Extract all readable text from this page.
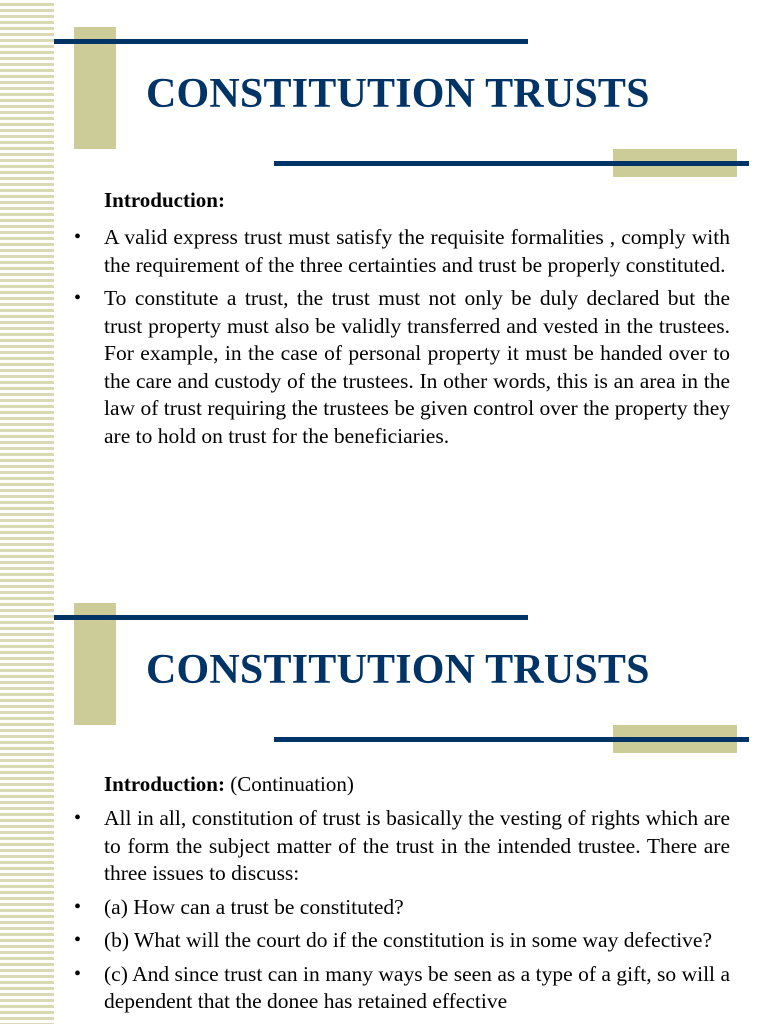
CONSTITUTION TRUSTS
Introduction:
• A valid express trust must satisfy the requisite formalities , comply with the requirement of the three certainties and trust be properly constituted.
• To constitute a trust, the trust must not only be duly declared but the trust property must also be validly transferred and vested in the trustees. For example, in the case of personal property it must be handed over to the care and custody of the trustees. In other words, this is an area in the law of trust requiring the trustees be given control over the property they are to hold on trust for the beneficiaries.
CONSTITUTION TRUSTS
Introduction: (Continuation)
• All in all, constitution of trust is basically the vesting of rights which are to form the subject matter of the trust in the intended trustee. There are three issues to discuss:
• (a) How can a trust be constituted?
• (b) What will the court do if the constitution is in some way defective?
• (c) And since trust can in many ways be seen as a type of a gift, so will a dependent that the donee has retained effective
